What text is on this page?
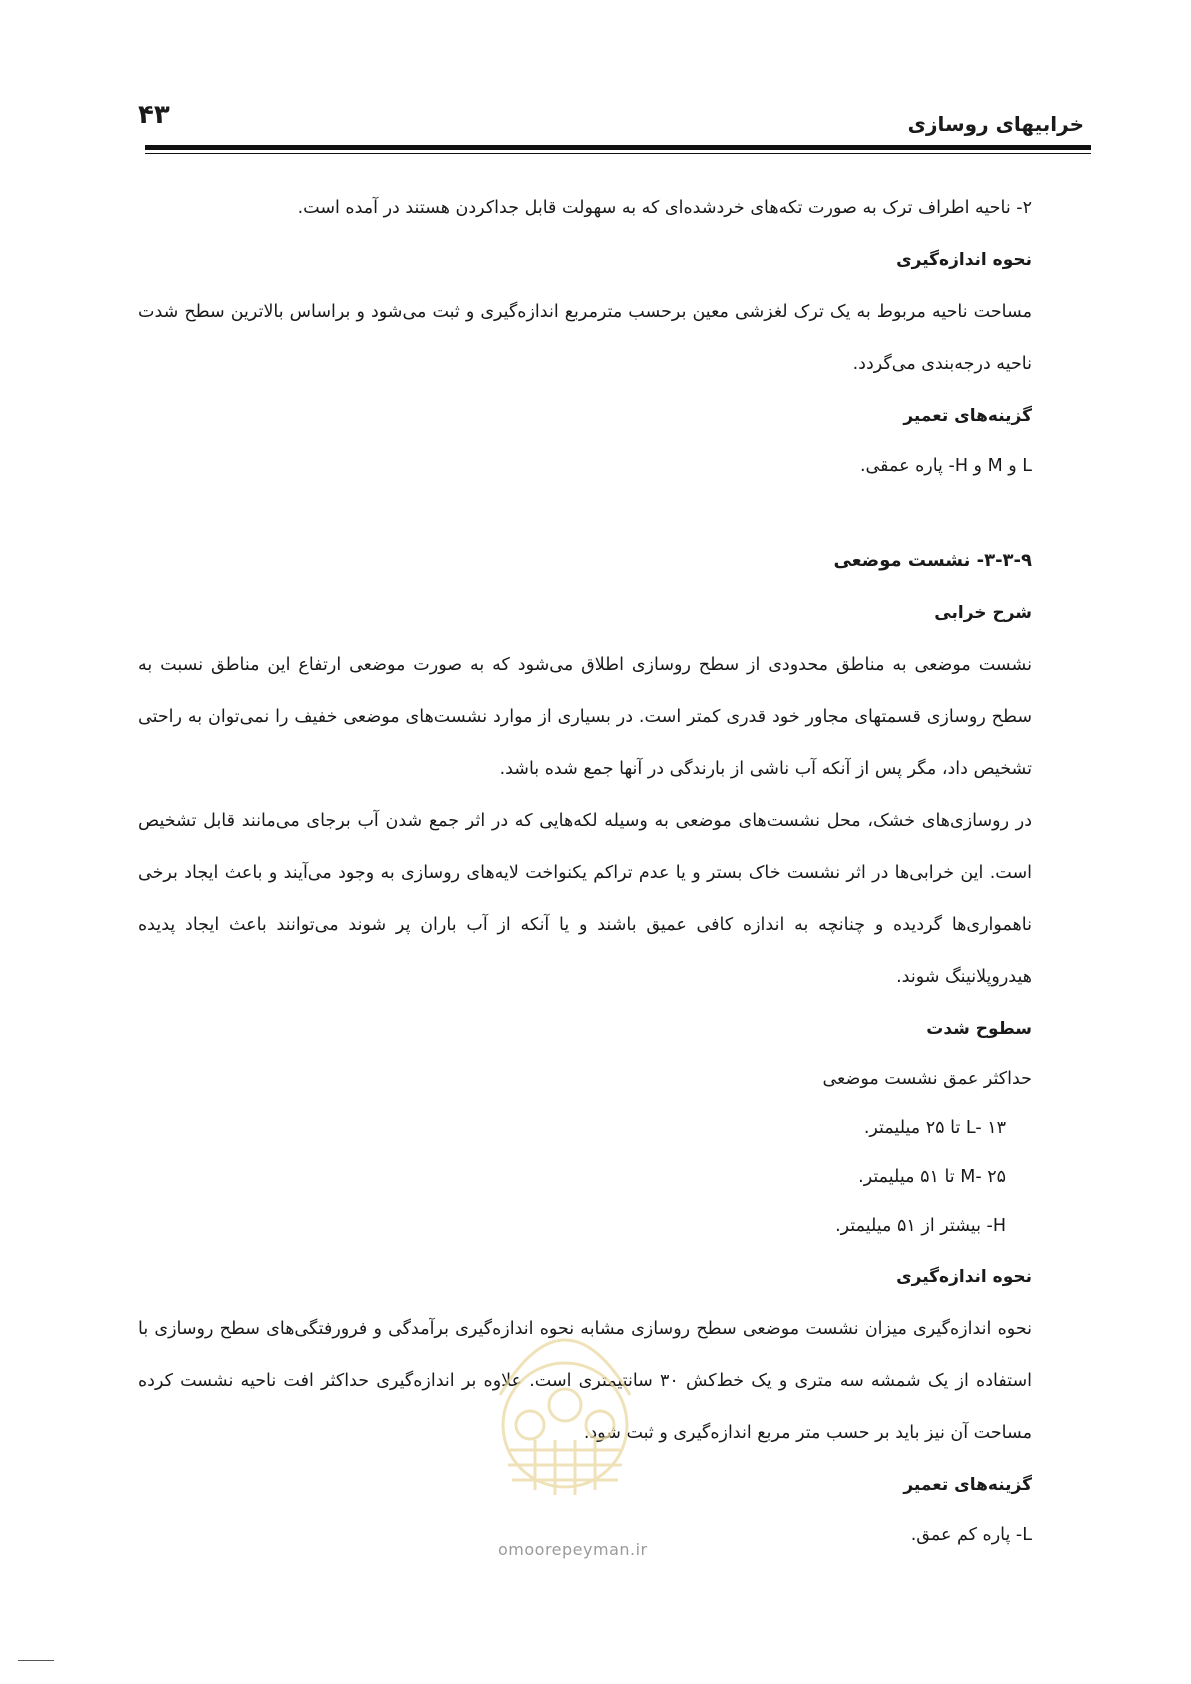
۴۳	خرابیهای روسازی

۲- ناحیه اطراف ترک به صورت تکه‌های خردشده‌ای که به سهولت قابل جداکردن هستند در آمده است.

نحوه اندازه‌گیری

مساحت ناحیه مربوط به یک ترک لغزشی معین برحسب مترمربع اندازه‌گیری و ثبت می‌شود و براساس بالاترین سطح شدت ناحیه درجه‌بندی می‌گردد.

گزینه‌های تعمیر

L و M و H- پاره عمقی.

۳-۳-۹- نشست موضعی

شرح خرابی

نشست موضعی به مناطق محدودی از سطح روسازی اطلاق می‌شود که به صورت موضعی ارتفاع این مناطق نسبت به سطح روسازی قسمتهای مجاور خود قدری کمتر است. در بسیاری از موارد نشست‌های موضعی خفیف را نمی‌توان به راحتی تشخیص داد، مگر پس از آنکه آب ناشی از بارندگی در آنها جمع شده باشد.

در روسازی‌های خشک، محل نشست‌های موضعی به وسیله لکه‌هایی که در اثر جمع شدن آب برجای می‌مانند قابل تشخیص است. این خرابی‌ها در اثر نشست خاک بستر و یا عدم تراکم یکنواخت لایه‌های روسازی به وجود می‌آیند و باعث ایجاد برخی ناهمواری‌ها گردیده و چنانچه به اندازه کافی عمیق باشند و یا آنکه از آب باران پر شوند می‌توانند باعث ایجاد پدیده هیدروپلانینگ شوند.

سطوح شدت

حداکثر عمق نشست موضعی

L- ۱۳ تا ۲۵ میلیمتر.

M- ۲۵ تا ۵۱ میلیمتر.

H- بیشتر از ۵۱ میلیمتر.

نحوه اندازه‌گیری

نحوه اندازه‌گیری میزان نشست موضعی سطح روسازی مشابه نحوه اندازه‌گیری برآمدگی و فرورفتگی‌های سطح روسازی با استفاده از یک شمشه سه متری و یک خط‌کش ۳۰ سانتیمتری است. علاوه بر اندازه‌گیری حداکثر افت ناحیه نشست کرده مساحت آن نیز باید بر حسب متر مربع اندازه‌گیری و ثبت شود.

گزینه‌های تعمیر

L- پاره کم عمق.

omoorepeyman.ir
